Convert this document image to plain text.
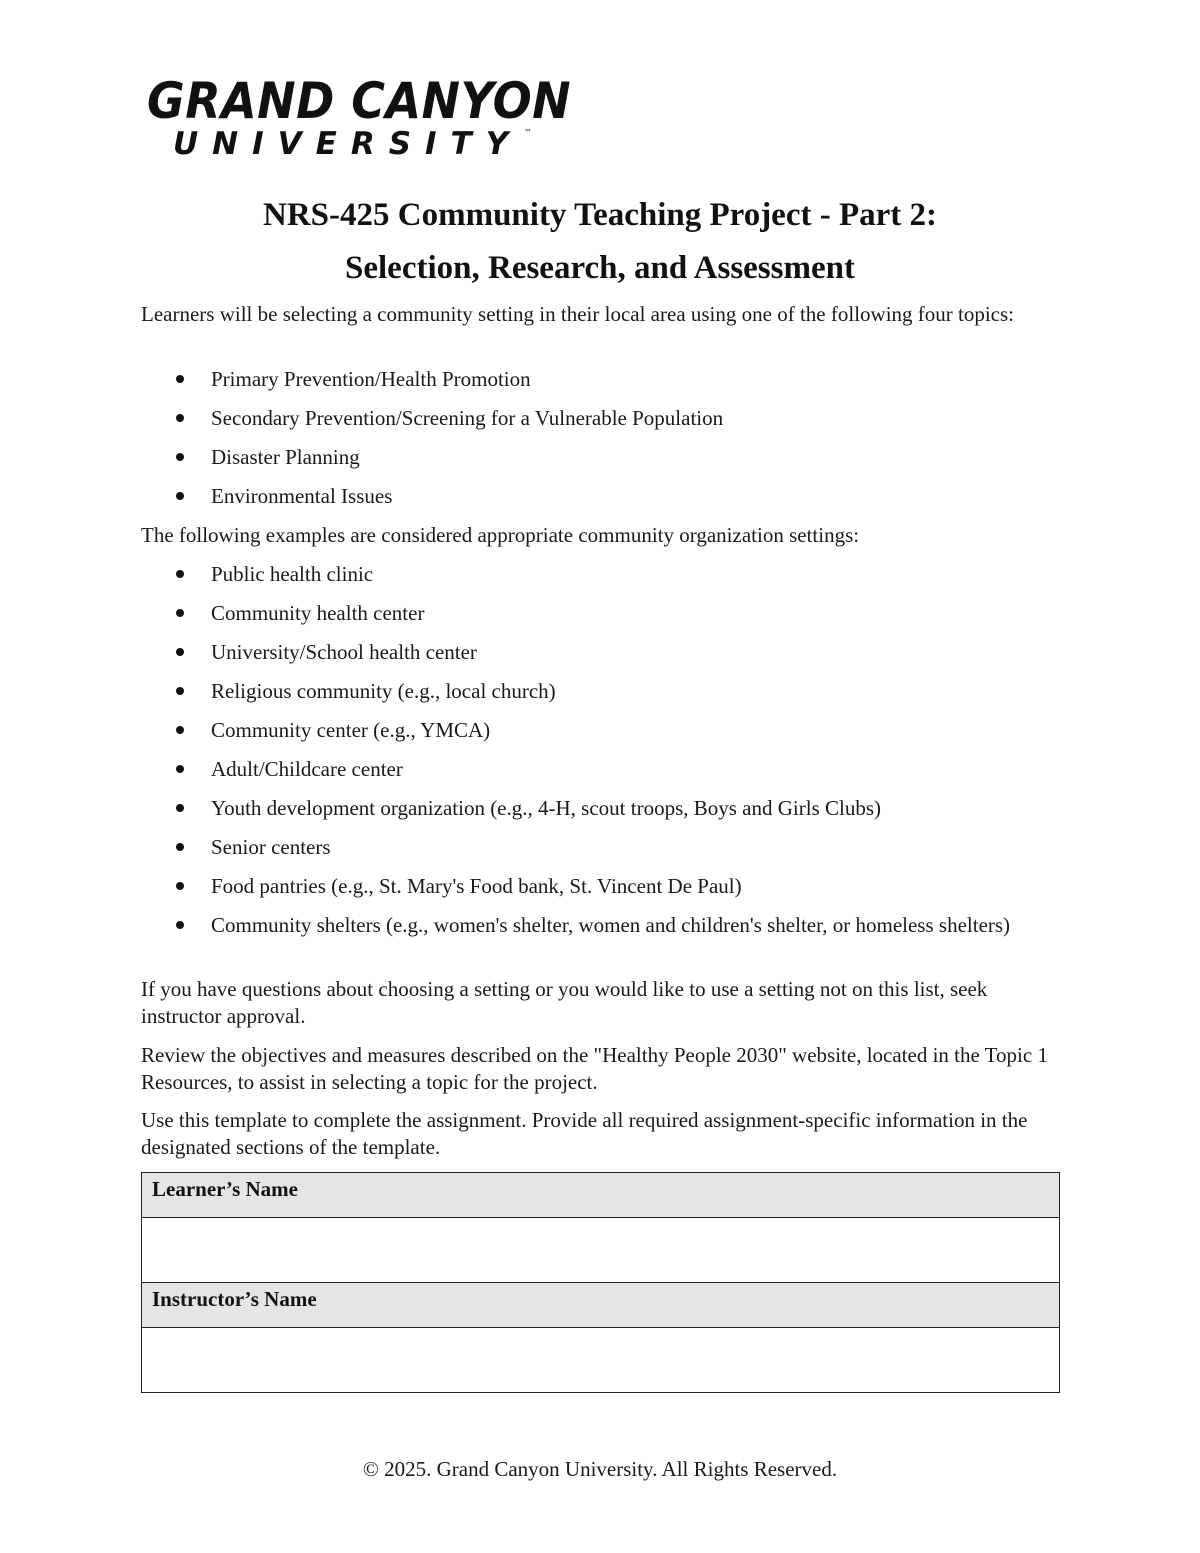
GRAND CANYON
UNIVERSITY ™
NRS-425 Community Teaching Project - Part 2:
Selection, Research, and Assessment
Learners will be selecting a community setting in their local area using one of the following four topics:
Primary Prevention/Health Promotion
Secondary Prevention/Screening for a Vulnerable Population
Disaster Planning
Environmental Issues
The following examples are considered appropriate community organization settings:
Public health clinic
Community health center
University/School health center
Religious community (e.g., local church)
Community center (e.g., YMCA)
Adult/Childcare center
Youth development organization (e.g., 4-H, scout troops, Boys and Girls Clubs)
Senior centers
Food pantries (e.g., St. Mary's Food bank, St. Vincent De Paul)
Community shelters (e.g., women's shelter, women and children's shelter, or homeless shelters)
If you have questions about choosing a setting or you would like to use a setting not on this list, seek instructor approval.
Review the objectives and measures described on the "Healthy People 2030" website, located in the Topic 1 Resources, to assist in selecting a topic for the project.
Use this template to complete the assignment. Provide all required assignment-specific information in the designated sections of the template.
Learner’s Name

Instructor’s Name

© 2025. Grand Canyon University. All Rights Reserved.
